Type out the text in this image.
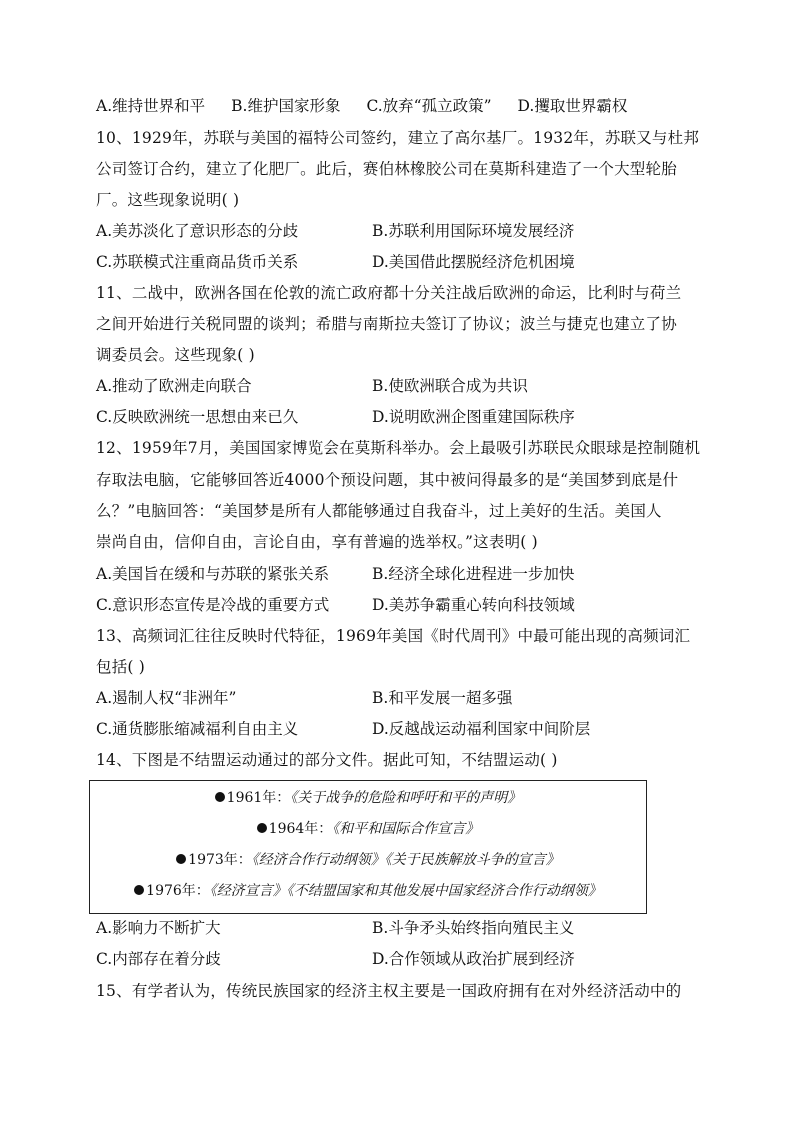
A.维持世界和平 B.维护国家形象 C.放弃“孤立政策” D.攫取世界霸权
10、1929年，苏联与美国的福特公司签约，建立了高尔基厂。1932年，苏联又与杜邦
公司签订合约，建立了化肥厂。此后，赛伯林橡胶公司在莫斯科建造了一个大型轮胎
厂。这些现象说明( )
A.美苏淡化了意识形态的分歧	B.苏联利用国际环境发展经济
C.苏联模式注重商品货币关系	D.美国借此摆脱经济危机困境
11、二战中，欧洲各国在伦敦的流亡政府都十分关注战后欧洲的命运，比利时与荷兰
之间开始进行关税同盟的谈判；希腊与南斯拉夫签订了协议；波兰与捷克也建立了协
调委员会。这些现象( )
A.推动了欧洲走向联合	B.使欧洲联合成为共识
C.反映欧洲统一思想由来已久	D.说明欧洲企图重建国际秩序
12、1959年7月，美国国家博览会在莫斯科举办。会上最吸引苏联民众眼球是控制随机
存取法电脑，它能够回答近4000个预设问题，其中被问得最多的是“美国梦到底是什
么？”电脑回答：“美国梦是所有人都能够通过自我奋斗，过上美好的生活。美国人
崇尚自由，信仰自由，言论自由，享有普遍的选举权。”这表明( )
A.美国旨在缓和与苏联的紧张关系	B.经济全球化进程进一步加快
C.意识形态宣传是冷战的重要方式	D.美苏争霸重心转向科技领域
13、高频词汇往往反映时代特征，1969年美国《时代周刊》中最可能出现的高频词汇
包括( )
A.遏制人权“非洲年”	B.和平发展一超多强
C.通货膨胀缩减福利自由主义	D.反越战运动福利国家中间阶层
14、下图是不结盟运动通过的部分文件。据此可知，不结盟运动( )
1961年：《关于战争的危险和呼吁和平的声明》
1964年：《和平和国际合作宣言》
1973年：《经济合作行动纲领》《关于民族解放斗争的宣言》
1976年：《经济宣言》《不结盟国家和其他发展中国家经济合作行动纲领》
A.影响力不断扩大	B.斗争矛头始终指向殖民主义
C.内部存在着分歧	D.合作领域从政治扩展到经济
15、有学者认为，传统民族国家的经济主权主要是一国政府拥有在对外经济活动中的
